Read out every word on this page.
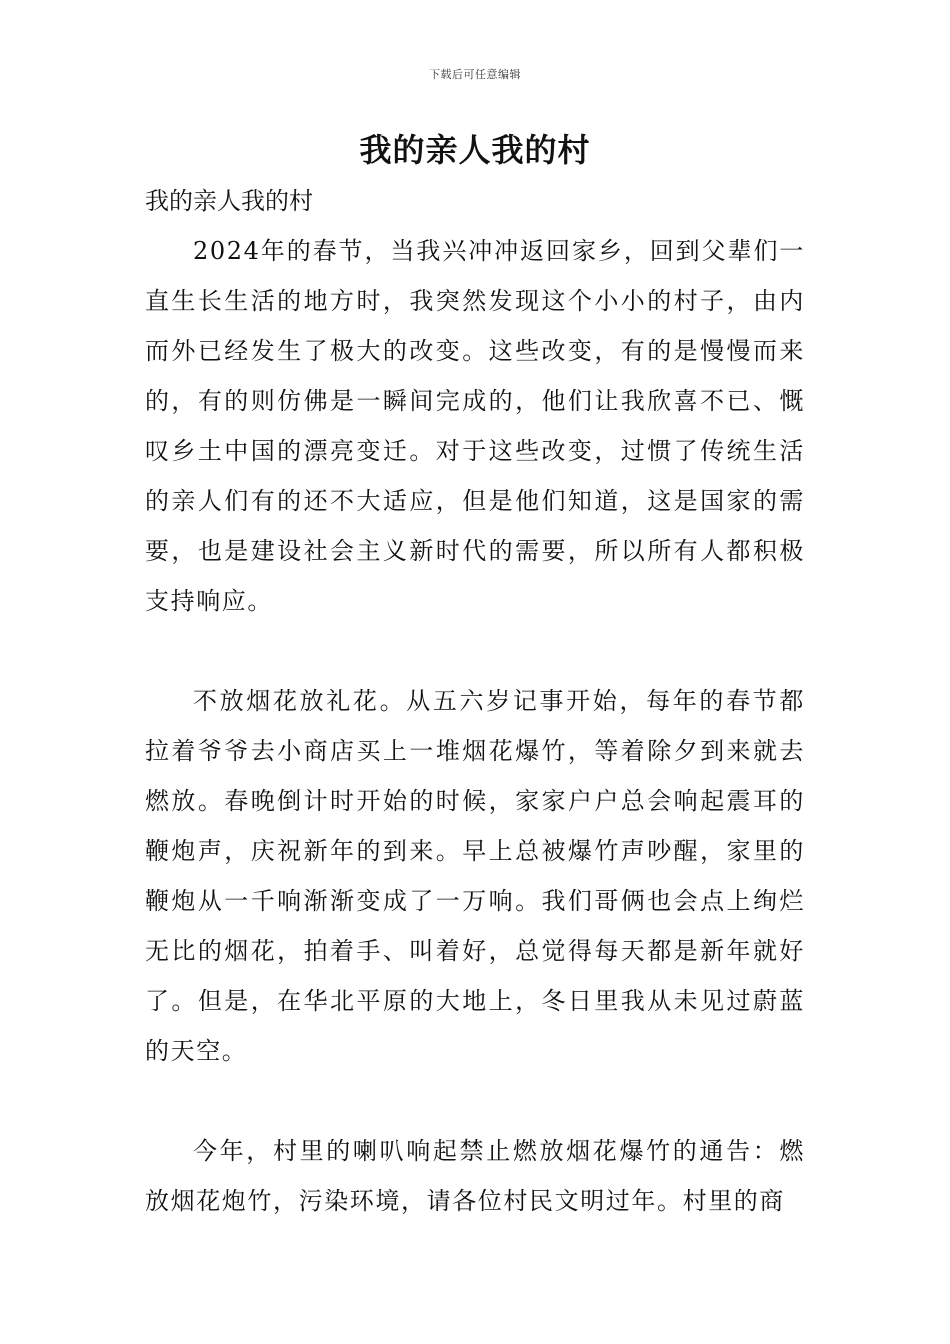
下载后可任意编辑
我的亲人我的村

我的亲人我的村

2024年的春节，当我兴冲冲返回家乡，回到父辈们一直生长生活的地方时，我突然发现这个小小的村子，由内而外已经发生了极大的改变。这些改变，有的是慢慢而来的，有的则仿佛是一瞬间完成的，他们让我欣喜不已、慨叹乡土中国的漂亮变迁。对于这些改变，过惯了传统生活的亲人们有的还不大适应，但是他们知道，这是国家的需要，也是建设社会主义新时代的需要，所以所有人都积极支持响应。

不放烟花放礼花。从五六岁记事开始，每年的春节都拉着爷爷去小商店买上一堆烟花爆竹，等着除夕到来就去燃放。春晚倒计时开始的时候，家家户户总会响起震耳的鞭炮声，庆祝新年的到来。早上总被爆竹声吵醒，家里的鞭炮从一千响渐渐变成了一万响。我们哥俩也会点上绚烂无比的烟花，拍着手、叫着好，总觉得每天都是新年就好了。但是，在华北平原的大地上，冬日里我从未见过蔚蓝的天空。

今年，村里的喇叭响起禁止燃放烟花爆竹的通告：燃放烟花炮竹，污染环境，请各位村民文明过年。村里的商
